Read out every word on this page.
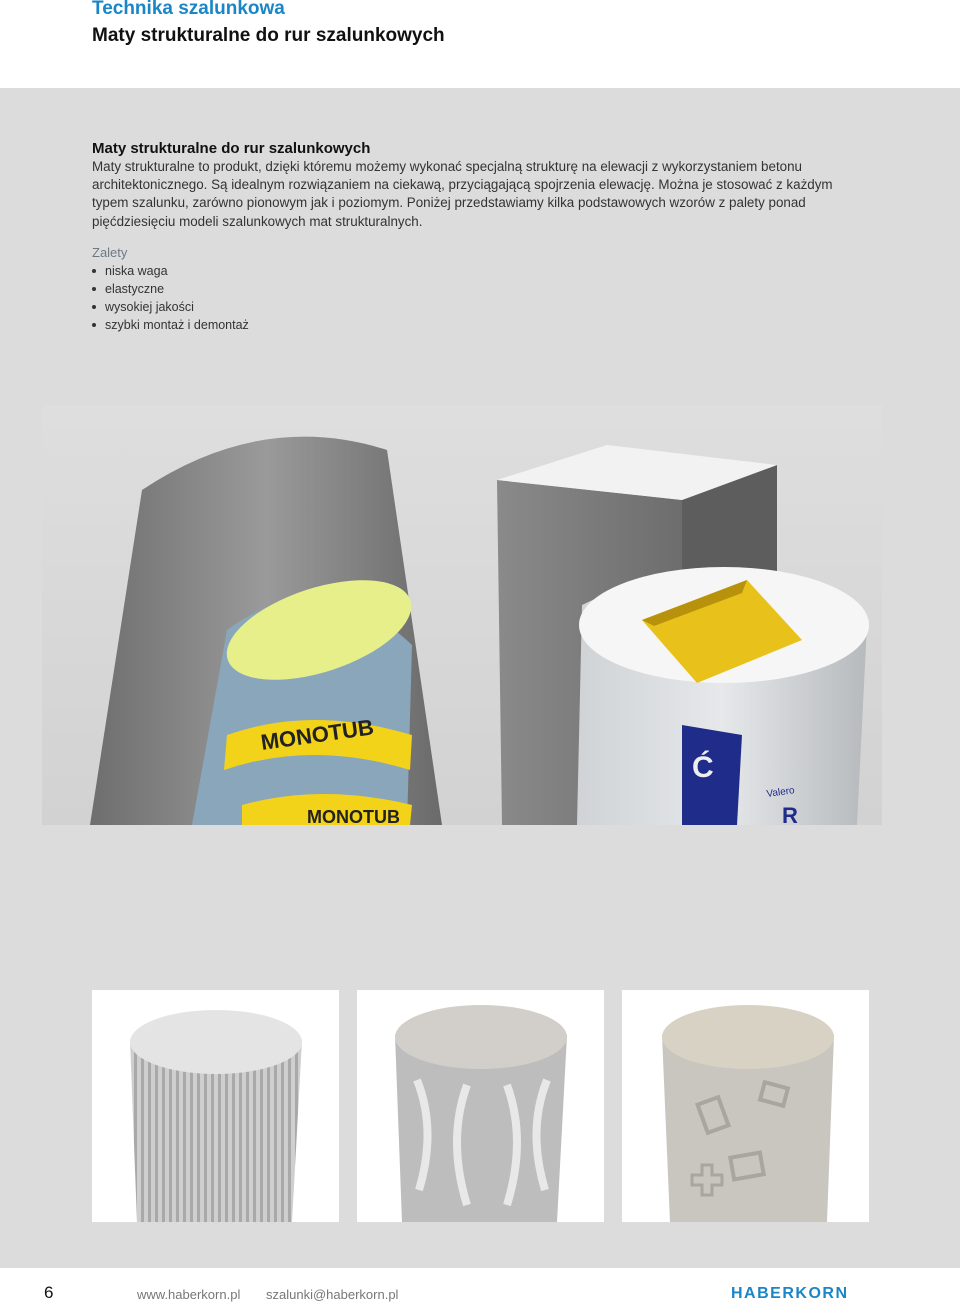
Technika szalunkowa
Maty strukturalne do rur szalunkowych
Maty strukturalne do rur szalunkowych

Maty strukturalne to produkt, dzięki któremu możemy wykonać specjalną strukturę na elewacji z wykorzystaniem betonu

architektonicznego. Są idealnym rozwiązaniem na ciekawą, przyciągającą spojrzenia elewację. Można je stosować z każdym

typem szalunku, zarówno pionowym jak i poziomym. Poniżej przedstawiamy kilka podstawowych wzorów z palety ponad

pięćdziesięciu modeli szalunkowych mat strukturalnych.

Zalety
niska waga
elastyczne
wysokiej jakości
szybki montaż i demontaż
MONOTUB
MONOTUB
Ć
Valero
R
6	www.haberkorn.pl szalunki@haberkorn.pl	HABERKORN
